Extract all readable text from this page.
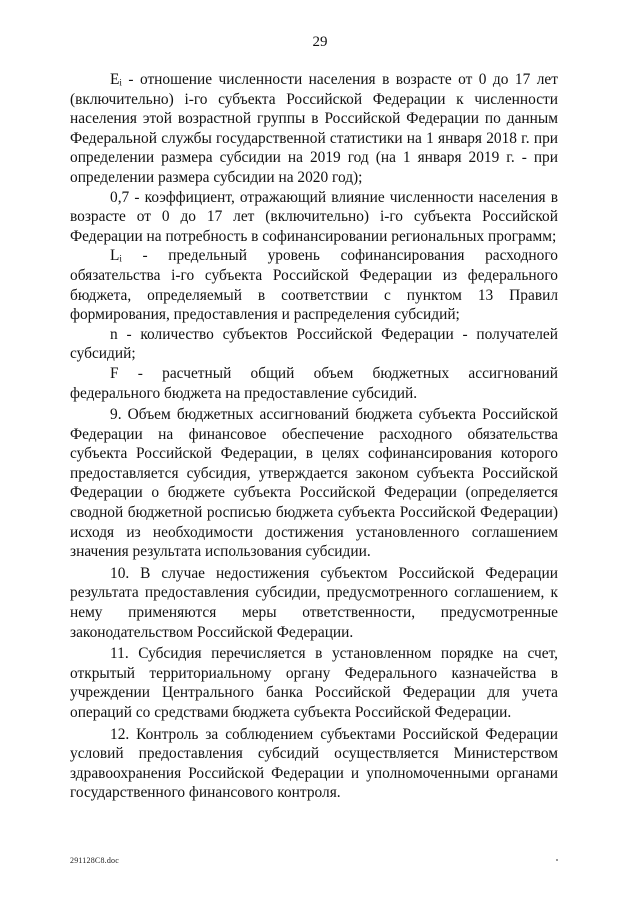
29

Eᵢ - отношение численности населения в возрасте от 0 до 17 лет (включительно) i-го субъекта Российской Федерации к численности населения этой возрастной группы в Российской Федерации по данным Федеральной службы государственной статистики на 1 января 2018 г. при определении размера субсидии на 2019 год (на 1 января 2019 г. - при определении размера субсидии на 2020 год);

0,7 - коэффициент, отражающий влияние численности населения в возрасте от 0 до 17 лет (включительно) i-го субъекта Российской Федерации на потребность в софинансировании региональных программ;

Lᵢ - предельный уровень софинансирования расходного обязательства i-го субъекта Российской Федерации из федерального бюджета, определяемый в соответствии с пунктом 13 Правил формирования, предоставления и распределения субсидий;

n - количество субъектов Российской Федерации - получателей субсидий;

F - расчетный общий объем бюджетных ассигнований федерального бюджета на предоставление субсидий.

9. Объем бюджетных ассигнований бюджета субъекта Российской Федерации на финансовое обеспечение расходного обязательства субъекта Российской Федерации, в целях софинансирования которого предоставляется субсидия, утверждается законом субъекта Российской Федерации о бюджете субъекта Российской Федерации (определяется сводной бюджетной росписью бюджета субъекта Российской Федерации) исходя из необходимости достижения установленного соглашением значения результата использования субсидии.

10. В случае недостижения субъектом Российской Федерации результата предоставления субсидии, предусмотренного соглашением, к нему применяются меры ответственности, предусмотренные законодательством Российской Федерации.

11. Субсидия перечисляется в установленном порядке на счет, открытый территориальному органу Федерального казначейства в учреждении Центрального банка Российской Федерации для учета операций со средствами бюджета субъекта Российской Федерации.

12. Контроль за соблюдением субъектами Российской Федерации условий предоставления субсидий осуществляется Министерством здравоохранения Российской Федерации и уполномоченными органами государственного финансового контроля.

291128C8.doc
